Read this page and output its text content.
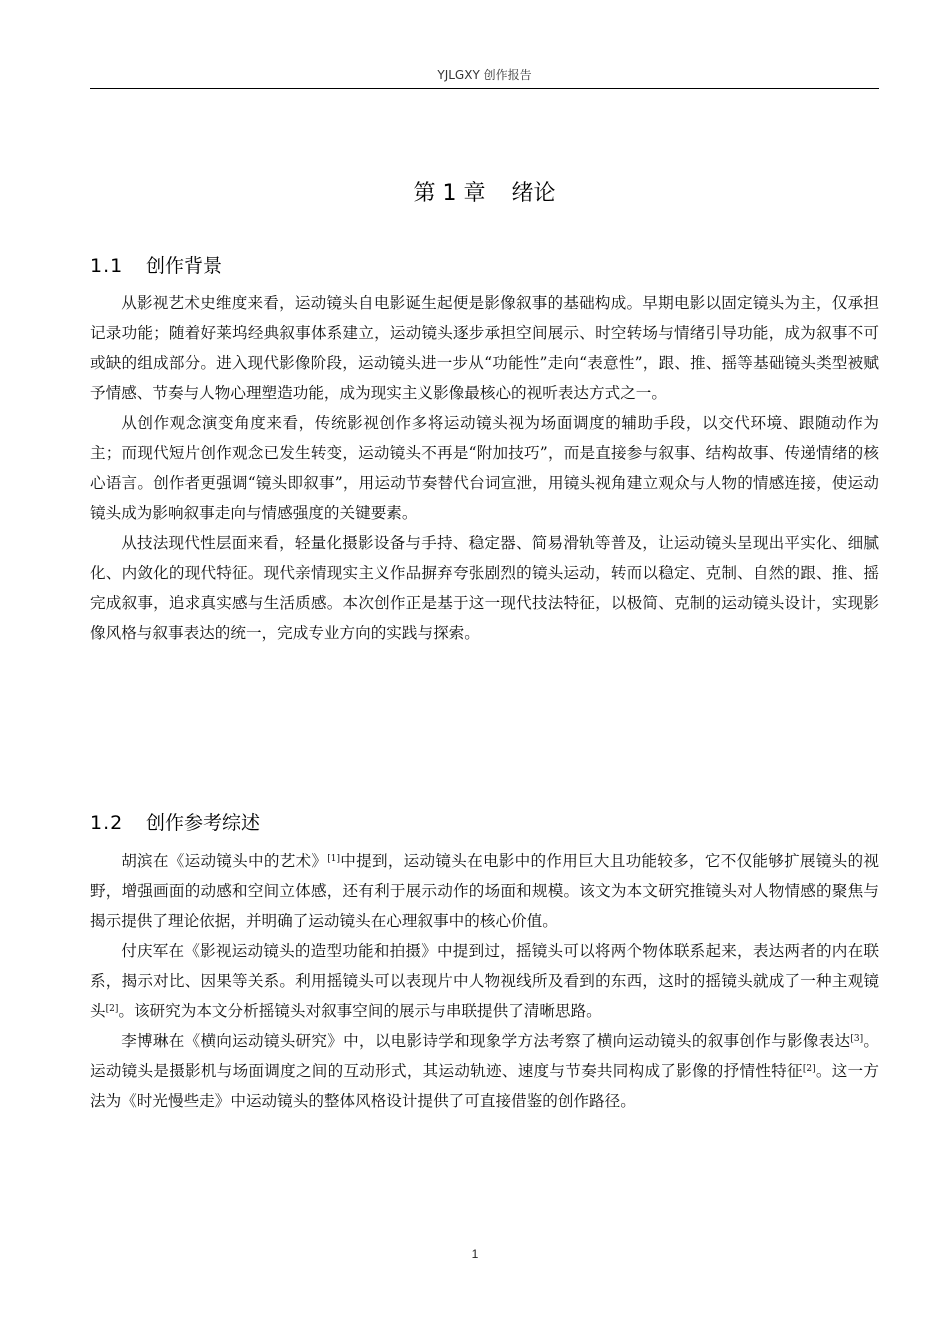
YJLGXY 创作报告
第 1 章 绪论
1.1 创作背景

从影视艺术史维度来看，运动镜头自电影诞生起便是影像叙事的基础构成。早期电影以固定镜头为主，仅承担记录功能；随着好莱坞经典叙事体系建立，运动镜头逐步承担空间展示、时空转场与情绪引导功能，成为叙事不可或缺的组成部分。进入现代影像阶段，运动镜头进一步从“功能性”走向“表意性”，跟、推、摇等基础镜头类型被赋予情感、节奏与人物心理塑造功能，成为现实主义影像最核心的视听表达方式之一。

从创作观念演变角度来看，传统影视创作多将运动镜头视为场面调度的辅助手段，以交代环境、跟随动作为主；而现代短片创作观念已发生转变，运动镜头不再是“附加技巧”，而是直接参与叙事、结构故事、传递情绪的核心语言。创作者更强调“镜头即叙事”，用运动节奏替代台词宣泄，用镜头视角建立观众与人物的情感连接，使运动镜头成为影响叙事走向与情感强度的关键要素。

从技法现代性层面来看，轻量化摄影设备与手持、稳定器、简易滑轨等普及，让运动镜头呈现出平实化、细腻化、内敛化的现代特征。现代亲情现实主义作品摒弃夸张剧烈的镜头运动，转而以稳定、克制、自然的跟、推、摇完成叙事，追求真实感与生活质感。本次创作正是基于这一现代技法特征，以极简、克制的运动镜头设计，实现影像风格与叙事表达的统一，完成专业方向的实践与探索。

1.2 创作参考综述

胡滨在《运动镜头中的艺术》[1]中提到，运动镜头在电影中的作用巨大且功能较多，它不仅能够扩展镜头的视野，增强画面的动感和空间立体感，还有利于展示动作的场面和规模。该文为本文研究推镜头对人物情感的聚焦与揭示提供了理论依据，并明确了运动镜头在心理叙事中的核心价值。

付庆军在《影视运动镜头的造型功能和拍摄》中提到过，摇镜头可以将两个物体联系起来，表达两者的内在联系，揭示对比、因果等关系。利用摇镜头可以表现片中人物视线所及看到的东西，这时的摇镜头就成了一种主观镜头[2]。该研究为本文分析摇镜头对叙事空间的展示与串联提供了清晰思路。

李博琳在《横向运动镜头研究》中，以电影诗学和现象学方法考察了横向运动镜头的叙事创作与影像表达[3]。运动镜头是摄影机与场面调度之间的互动形式，其运动轨迹、速度与节奏共同构成了影像的抒情性特征[2]。这一方法为《时光慢些走》中运动镜头的整体风格设计提供了可直接借鉴的创作路径。

1
